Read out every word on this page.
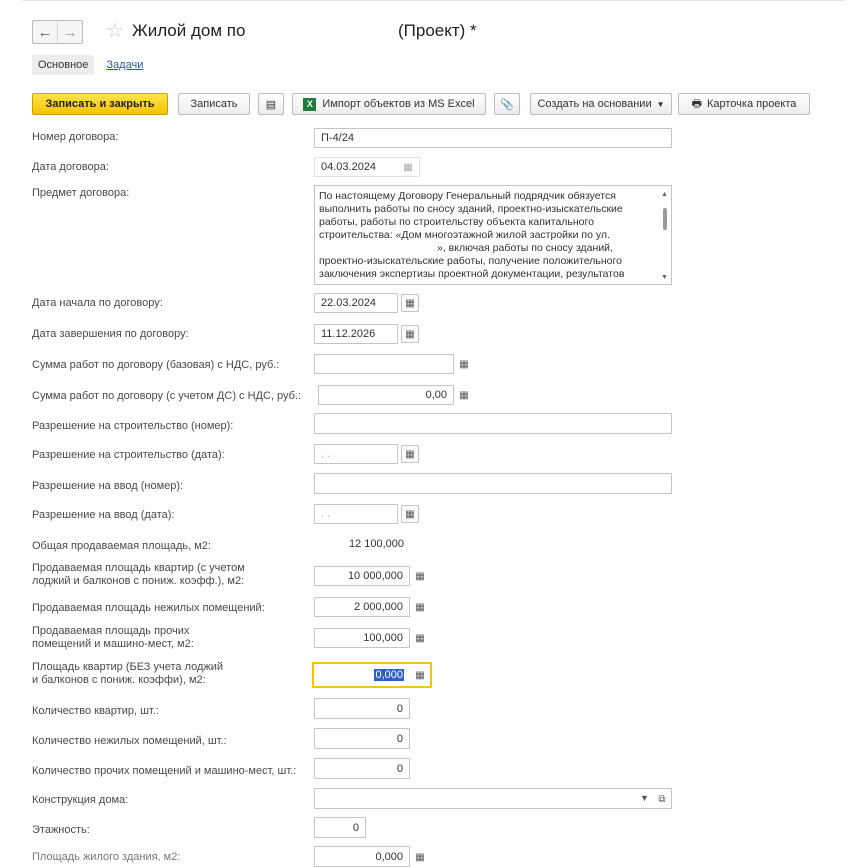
← → ☆ Жилой дом по	(Проект) *
Основное	Задачи
Записать и закрыть	Записать	▤	X Импорт объектов из MS Excel 📎 Создать на основании ▼ 🖶 Карточка проекта
Номер договора:	П-4/24
Дата договора:	04.03.2024	▦
Предмет договора:	По настоящему Договору Генеральный подрядчик обязуется
выполнить работы по сносу зданий, проектно-изыскательские
работы, работы по строительству объекта капитального
строительства: «Дом многоэтажной жилой застройки по ул.
», включая работы по сносу зданий,
проектно-изыскательские работы, получение положительного
заключения экспертизы проектной документации, результатов
▲
▼
Дата начала по договору:	22.03.2024	▦
Дата завершения по договору:	11.12.2026	▦
Сумма работ по договору (базовая) с НДС, руб.:	▦
Сумма работ по договору (с учетом ДС) с НДС, руб.:	0,00	▦
Разрешение на строительство (номер):
Разрешение на строительство (дата):	. .	▦
Разрешение на ввод (номер):
Разрешение на ввод (дата):	. .	▦
Общая продаваемая площадь, м2:	12 100,000
Продаваемая площадь квартир (с учетом
лоджий и балконов с пониж. коэфф.), м2:	10 000,000	▦
Продаваемая площадь нежилых помещений:	2 000,000	▦
Продаваемая площадь прочих
помещений и машино-мест, м2:	100,000	▦
Площадь квартир (БЕЗ учета лоджий
и балконов с пониж. коэффи), м2:	0,000	▦
Количество квартир, шт.:	0
Количество нежилых помещений, шт.:	0
Количество прочих помещений и машино-мест, шт.:	0
Конструкция дома:	▼ ⧉
Этажность:	0
Площадь жилого здания, м2:	0,000	▦
